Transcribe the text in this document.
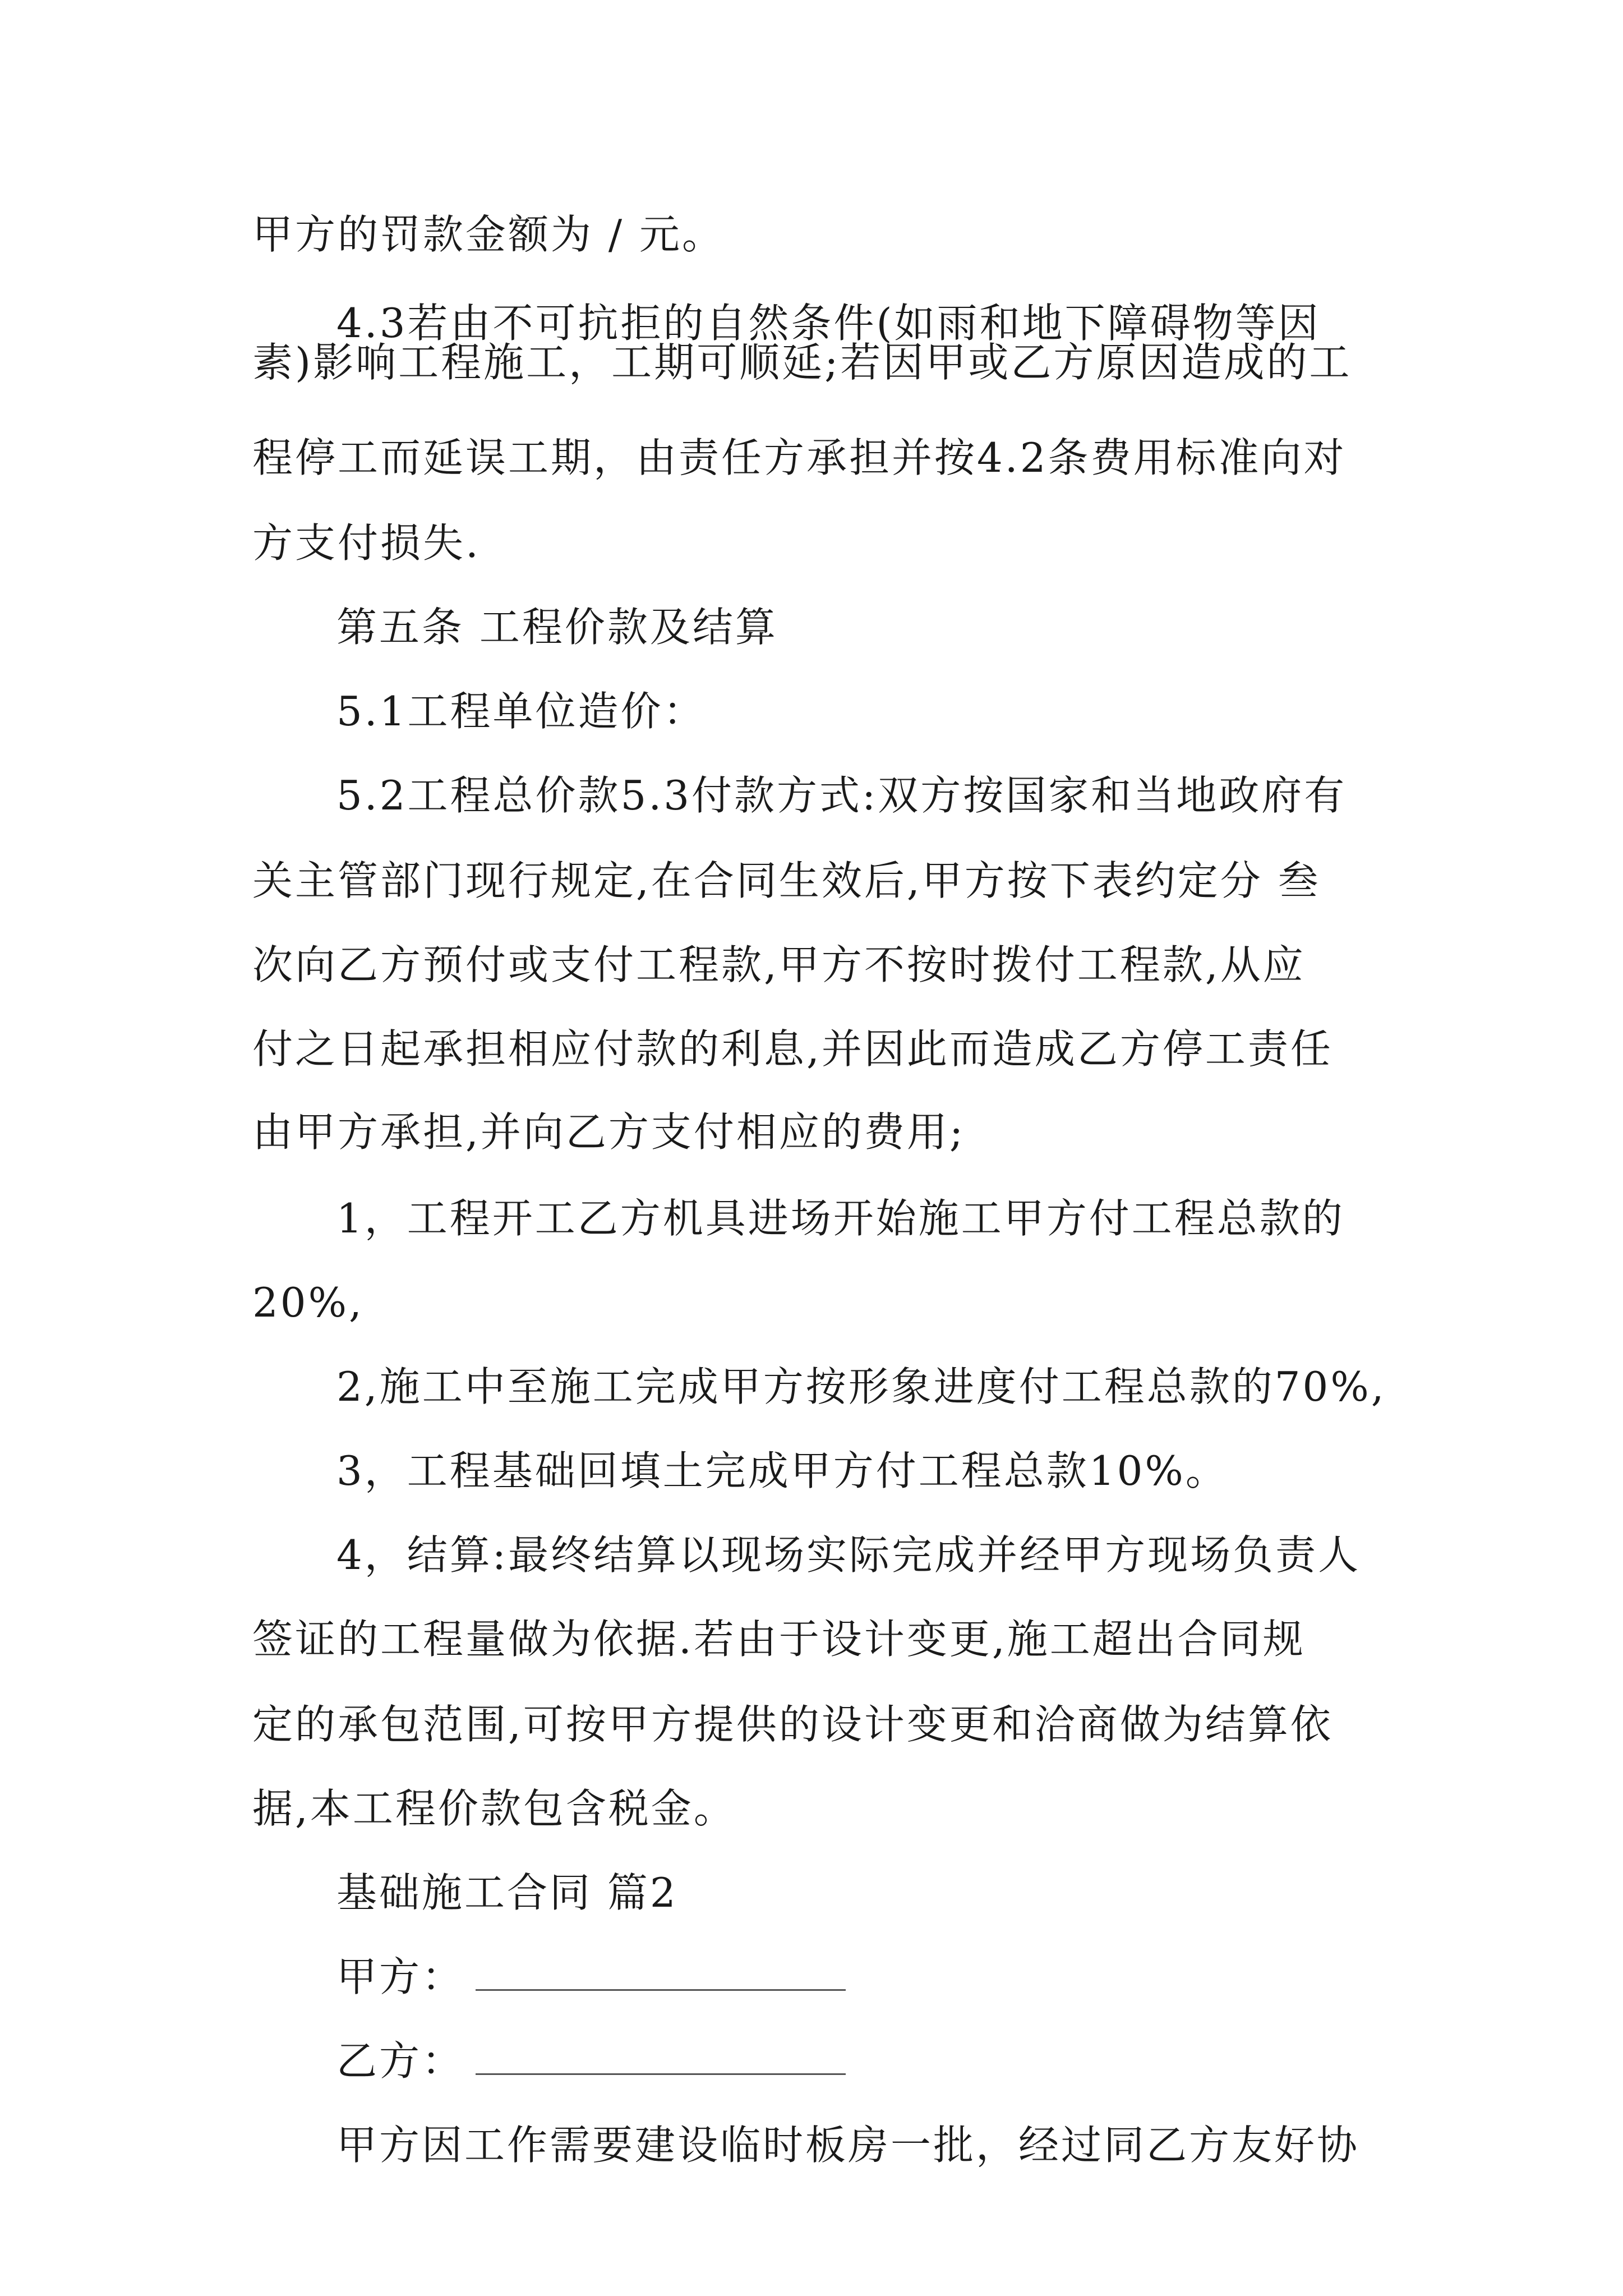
甲方的罚款金额为 / 元。
4.3若由不可抗拒的自然条件(如雨和地下障碍物等因
素)影响工程施工，工期可顺延;若因甲或乙方原因造成的工
程停工而延误工期，由责任方承担并按4.2条费用标准向对
方支付损失.
第五条 工程价款及结算
5.1工程单位造价：
5.2工程总价款5.3付款方式:双方按国家和当地政府有
关主管部门现行规定,在合同生效后,甲方按下表约定分 叁
次向乙方预付或支付工程款,甲方不按时拨付工程款,从应
付之日起承担相应付款的利息,并因此而造成乙方停工责任
由甲方承担,并向乙方支付相应的费用;
1，工程开工乙方机具进场开始施工甲方付工程总款的
20%,
2,施工中至施工完成甲方按形象进度付工程总款的70%,
3，工程基础回填土完成甲方付工程总款10%。
4，结算:最终结算以现场实际完成并经甲方现场负责人
签证的工程量做为依据.若由于设计变更,施工超出合同规
定的承包范围,可按甲方提供的设计变更和洽商做为结算依
据,本工程价款包含税金。
基础施工合同 篇2
甲方：
乙方：
甲方因工作需要建设临时板房一批，经过同乙方友好协
